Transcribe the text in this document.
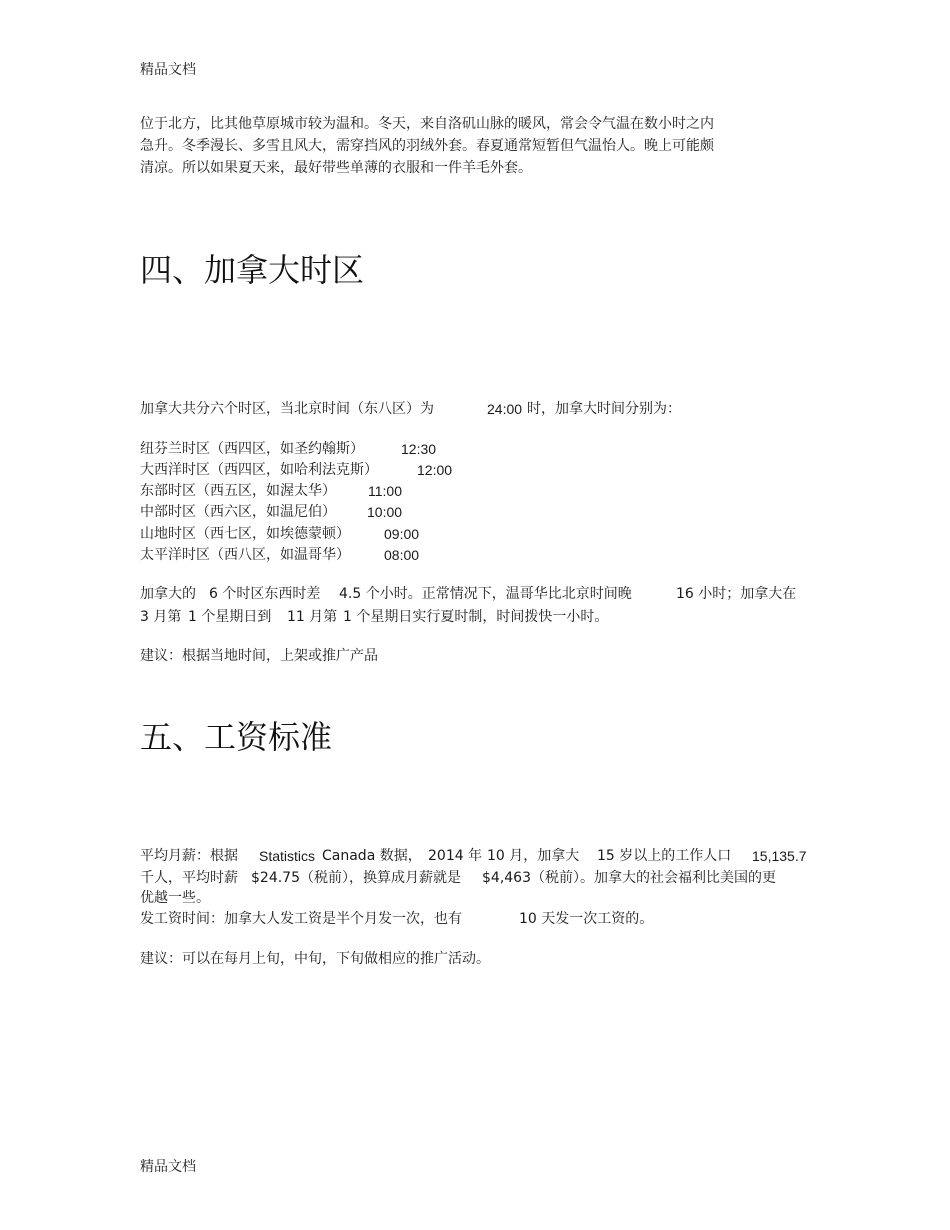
精品文档
位于北方，比其他草原城市较为温和。冬天，来自洛矶山脉的暖风，常会令气温在数小时之内
急升。冬季漫长、多雪且风大，需穿挡风的羽绒外套。春夏通常短暂但气温怡人。晚上可能颇
清凉。所以如果夏天来，最好带些单薄的衣服和一件羊毛外套。
四、加拿大时区
加拿大共分六个时区，当北京时间（东八区）为	24:00 时，加拿大时间分别为：
纽芬兰时区（西四区，如圣约翰斯）	12:30
大西洋时区（西四区，如哈利法克斯）	12:00
东部时区（西五区，如渥太华） 11:00
中部时区（西六区，如温尼伯） 10:00
山地时区（西七区，如埃德蒙顿） 09:00
太平洋时区（西八区，如温哥华） 08:00
加拿大的 6 个时区东西时差 4.5 个小时。正常情况下，温哥华比北京时间晚	16 小时；加拿大在
3 月第 1 个星期日到 11 月第 1 个星期日实行夏时制，时间拨快一小时。
建议：根据当地时间，上架或推广产品
五、工资标准
平均月薪：根据 Statistics Canada 数据， 2014 年 10 月，加拿大 15 岁以上的工作人口 15,135.7
千人，平均时薪 $24.75（税前），换算成月薪就是 $4,463（税前）。加拿大的社会福利比美国的更
优越一些。
发工资时间：加拿大人发工资是半个月发一次，也有	10 天发一次工资的。
建议：可以在每月上旬，中旬，下旬做相应的推广活动。
精品文档
